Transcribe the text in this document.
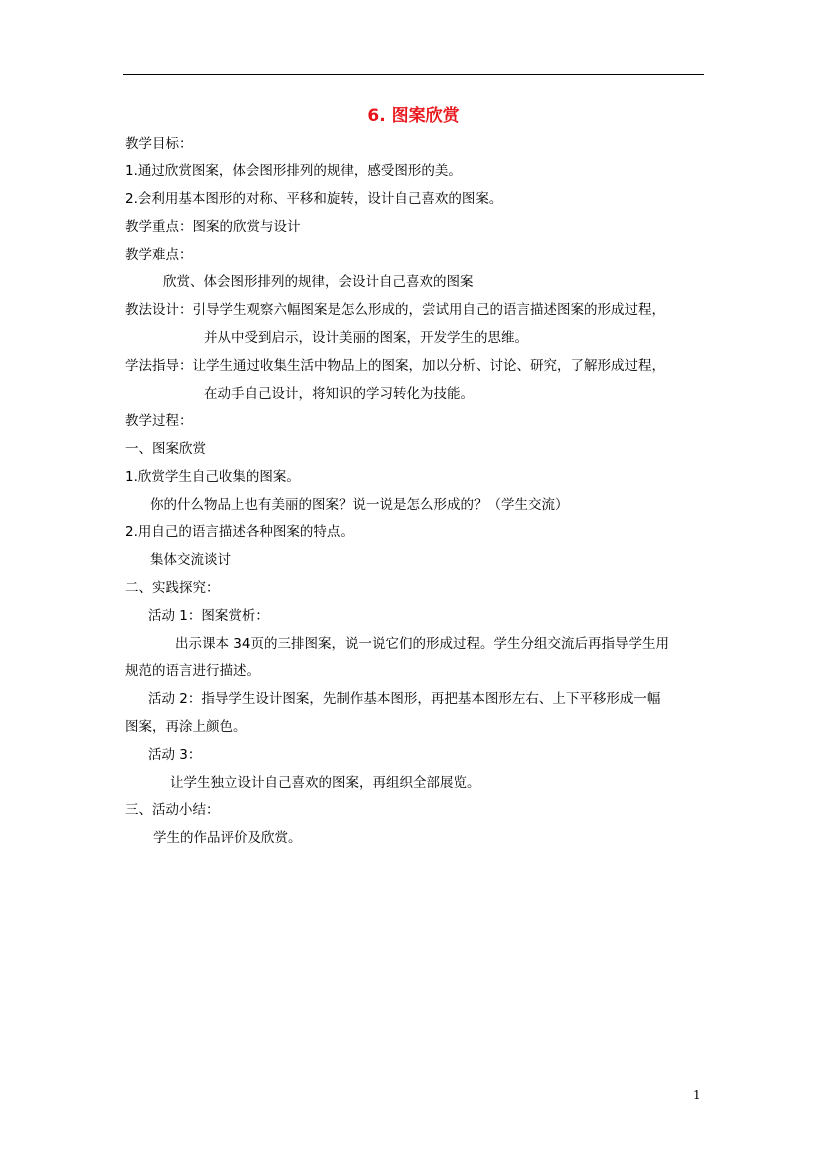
6. 图案欣赏
教学目标：
1.通过欣赏图案，体会图形排列的规律，感受图形的美。
2.会利用基本图形的对称、平移和旋转，设计自己喜欢的图案。
教学重点：图案的欣赏与设计
教学难点：
欣赏、体会图形排列的规律，会设计自己喜欢的图案
教法设计：引导学生观察六幅图案是怎么形成的，尝试用自己的语言描述图案的形成过程，
并从中受到启示，设计美丽的图案，开发学生的思维。
学法指导：让学生通过收集生活中物品上的图案，加以分析、讨论、研究，了解形成过程，
在动手自己设计，将知识的学习转化为技能。
教学过程：
一、图案欣赏
1.欣赏学生自己收集的图案。
你的什么物品上也有美丽的图案？说一说是怎么形成的？（学生交流）
2.用自己的语言描述各种图案的特点。
集体交流谈讨
二、实践探究：
活动 1：图案赏析：
出示课本 34页的三排图案，说一说它们的形成过程。学生分组交流后再指导学生用
规范的语言进行描述。
活动 2：指导学生设计图案，先制作基本图形，再把基本图形左右、上下平移形成一幅
图案，再涂上颜色。
活动 3：
让学生独立设计自己喜欢的图案，再组织全部展览。
三、活动小结：
学生的作品评价及欣赏。
1
